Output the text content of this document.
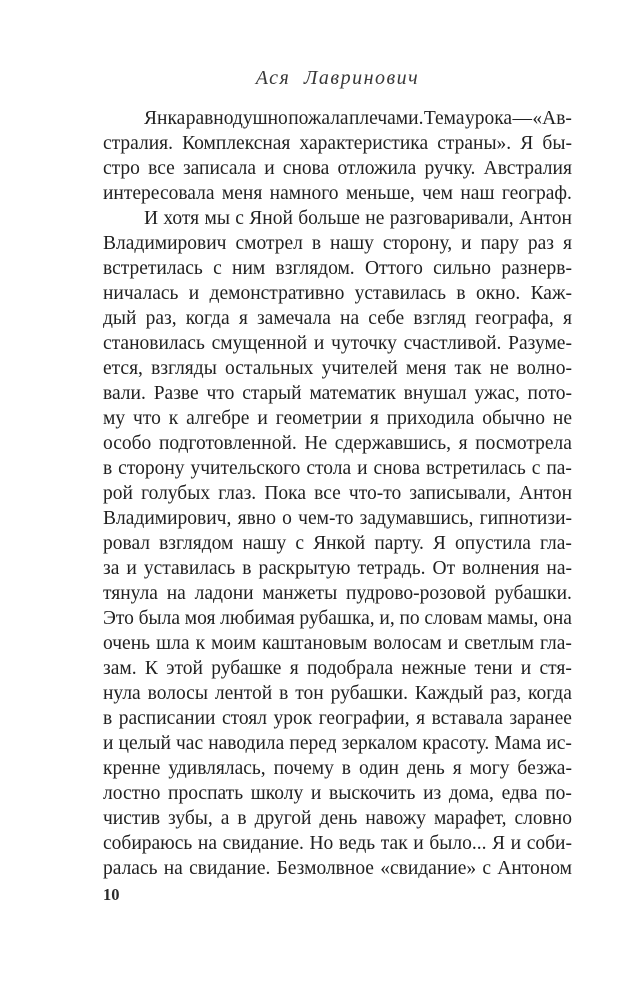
Ася Лавринович
Янка равнодушно пожала плечами. Тема урока — «Ав-
стралия. Комплексная характеристика страны». Я бы-
стро все записала и снова отложила ручку. Австралия
интересовала меня намного меньше, чем наш географ.
И хотя мы с Яной больше не разговаривали, Антон
Владимирович смотрел в нашу сторону, и пару раз я
встретилась с ним взглядом. Оттого сильно разнерв-
ничалась и демонстративно уставилась в окно. Каж-
дый раз, когда я замечала на себе взгляд географа, я
становилась смущенной и чуточку счастливой. Разуме-
ется, взгляды остальных учителей меня так не волно-
вали. Разве что старый математик внушал ужас, пото-
му что к алгебре и геометрии я приходила обычно не
особо подготовленной. Не сдержавшись, я посмотрела
в сторону учительского стола и снова встретилась с па-
рой голубых глаз. Пока все что-то записывали, Антон
Владимирович, явно о чем-то задумавшись, гипнотизи-
ровал взглядом нашу с Янкой парту. Я опустила гла-
за и уставилась в раскрытую тетрадь. От волнения на-
тянула на ладони манжеты пудрово-розовой рубашки.
Это была моя любимая рубашка, и, по словам мамы, она
очень шла к моим каштановым волосам и светлым гла-
зам. К этой рубашке я подобрала нежные тени и стя-
нула волосы лентой в тон рубашки. Каждый раз, когда
в расписании стоял урок географии, я вставала заранее
и целый час наводила перед зеркалом красоту. Мама ис-
кренне удивлялась, почему в один день я могу безжа-
лостно проспать школу и выскочить из дома, едва по-
чистив зубы, а в другой день навожу марафет, словно
собираюсь на свидание. Но ведь так и было... Я и соби-
ралась на свидание. Безмолвное «свидание» с Антоном
10
